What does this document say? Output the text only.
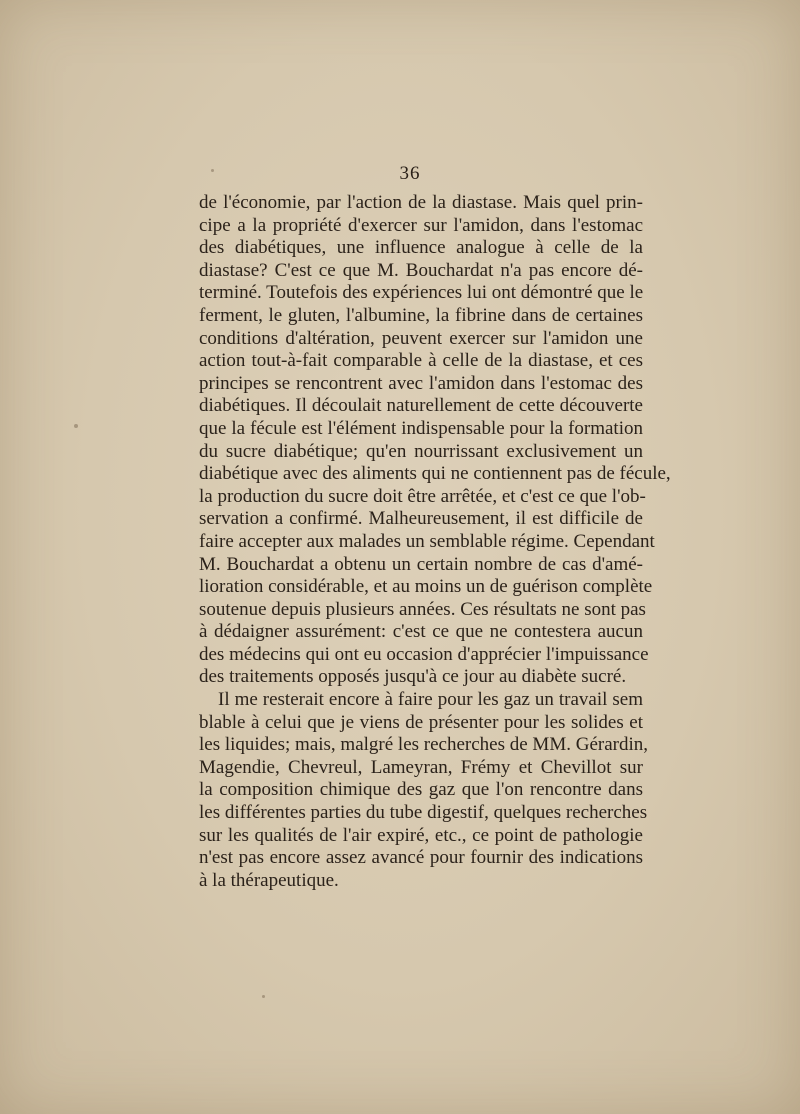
36
de l'économie, par l'action de la diastase. Mais quel prin-
cipe a la propriété d'exercer sur l'amidon, dans l'estomac
des diabétiques, une influence analogue à celle de la
diastase? C'est ce que M. Bouchardat n'a pas encore dé-
terminé. Toutefois des expériences lui ont démontré que le
ferment, le gluten, l'albumine, la fibrine dans de certaines
conditions d'altération, peuvent exercer sur l'amidon une
action tout-à-fait comparable à celle de la diastase, et ces
principes se rencontrent avec l'amidon dans l'estomac des
diabétiques. Il découlait naturellement de cette découverte
que la fécule est l'élément indispensable pour la formation
du sucre diabétique; qu'en nourrissant exclusivement un
diabétique avec des aliments qui ne contiennent pas de fécule,
la production du sucre doit être arrêtée, et c'est ce que l'ob-
servation a confirmé. Malheureusement, il est difficile de
faire accepter aux malades un semblable régime. Cependant
M. Bouchardat a obtenu un certain nombre de cas d'amé-
lioration considérable, et au moins un de guérison complète
soutenue depuis plusieurs années. Ces résultats ne sont pas
à dédaigner assurément: c'est ce que ne contestera aucun
des médecins qui ont eu occasion d'apprécier l'impuissance
des traitements opposés jusqu'à ce jour au diabète sucré.
Il me resterait encore à faire pour les gaz un travail sem
blable à celui que je viens de présenter pour les solides et
les liquides; mais, malgré les recherches de MM. Gérardin,
Magendie, Chevreul, Lameyran, Frémy et Chevillot sur
la composition chimique des gaz que l'on rencontre dans
les différentes parties du tube digestif, quelques recherches
sur les qualités de l'air expiré, etc., ce point de pathologie
n'est pas encore assez avancé pour fournir des indications
à la thérapeutique.
